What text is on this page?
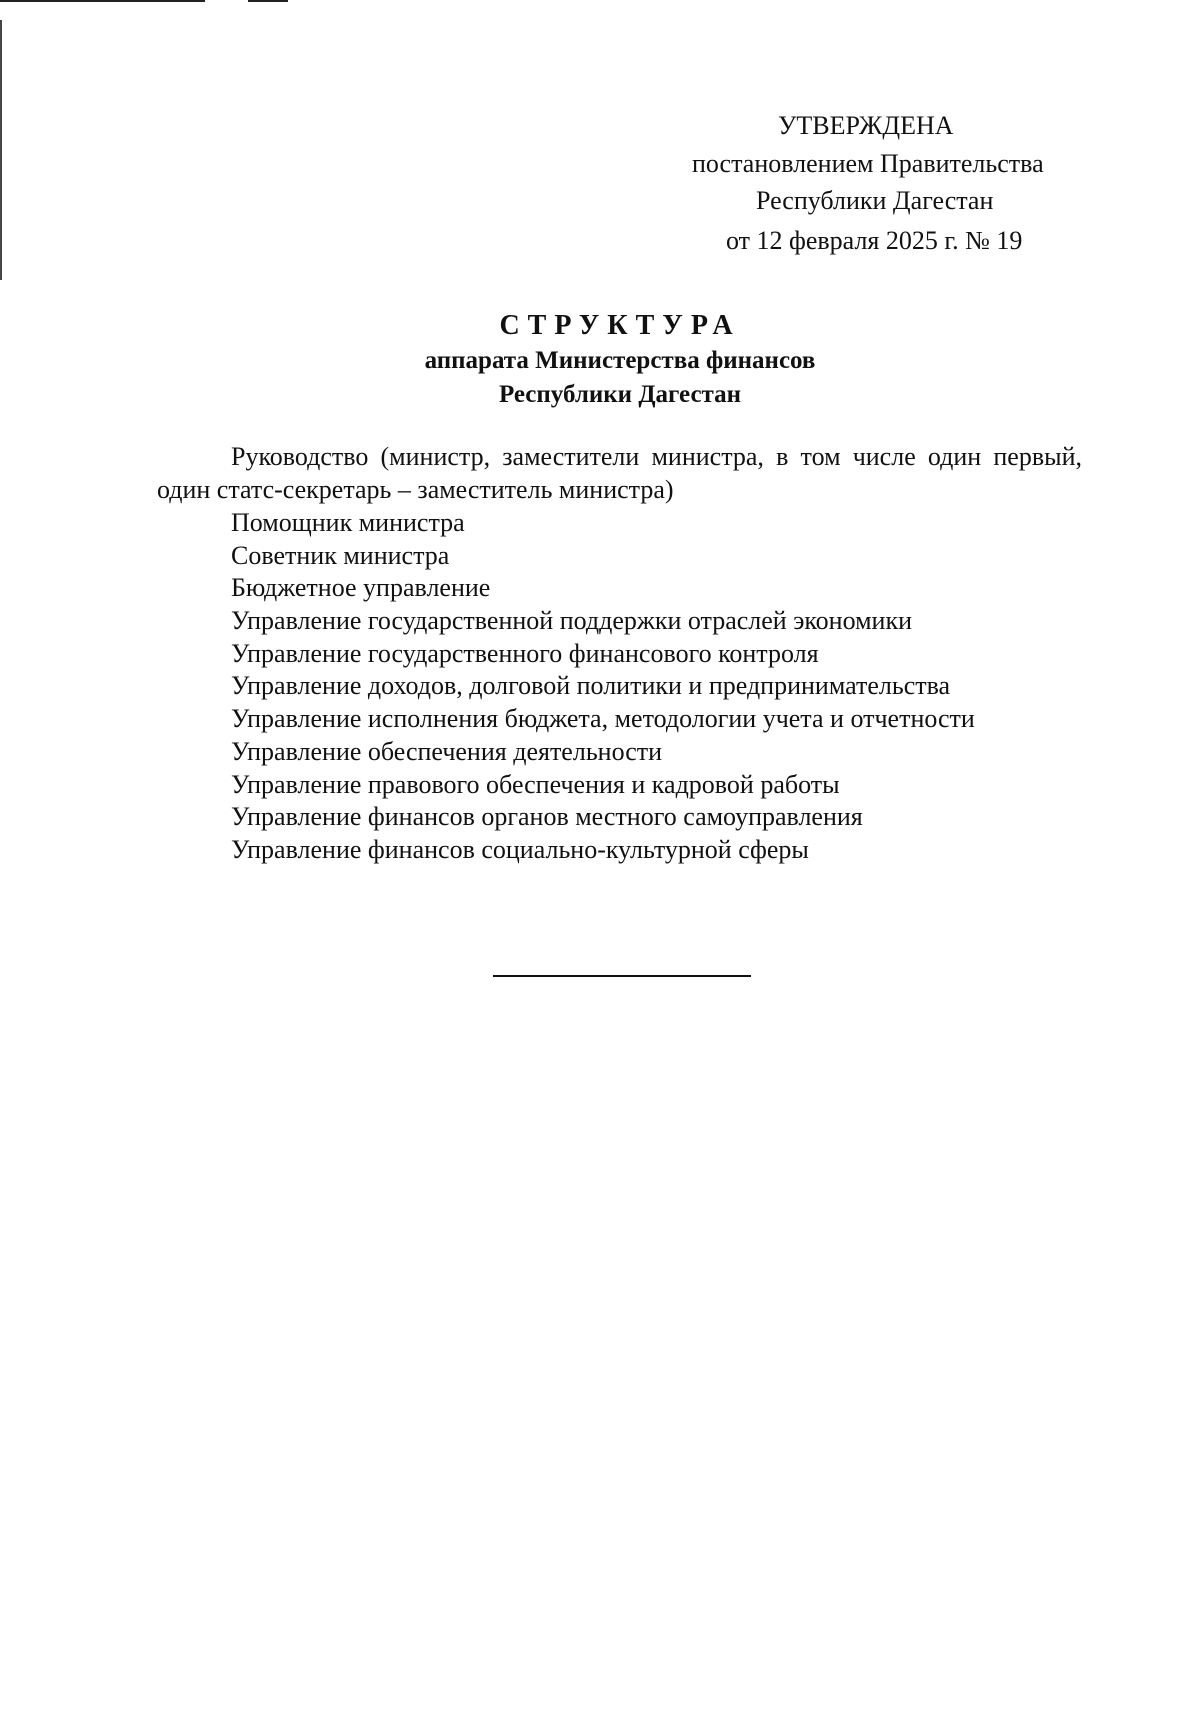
УТВЕРЖДЕНА
постановлением Правительства
Республики Дагестан
от 12 февраля 2025 г. № 19
СТРУКТУРА
аппарата Министерства финансов
Республики Дагестан

Руководство (министр, заместители министра, в том числе один первый, один статс-секретарь – заместитель министра)

Помощник министра
Советник министра
Бюджетное управление
Управление государственной поддержки отраслей экономики
Управление государственного финансового контроля
Управление доходов, долговой политики и предпринимательства
Управление исполнения бюджета, методологии учета и отчетности
Управление обеспечения деятельности
Управление правового обеспечения и кадровой работы
Управление финансов органов местного самоуправления
Управление финансов социально-культурной сферы
